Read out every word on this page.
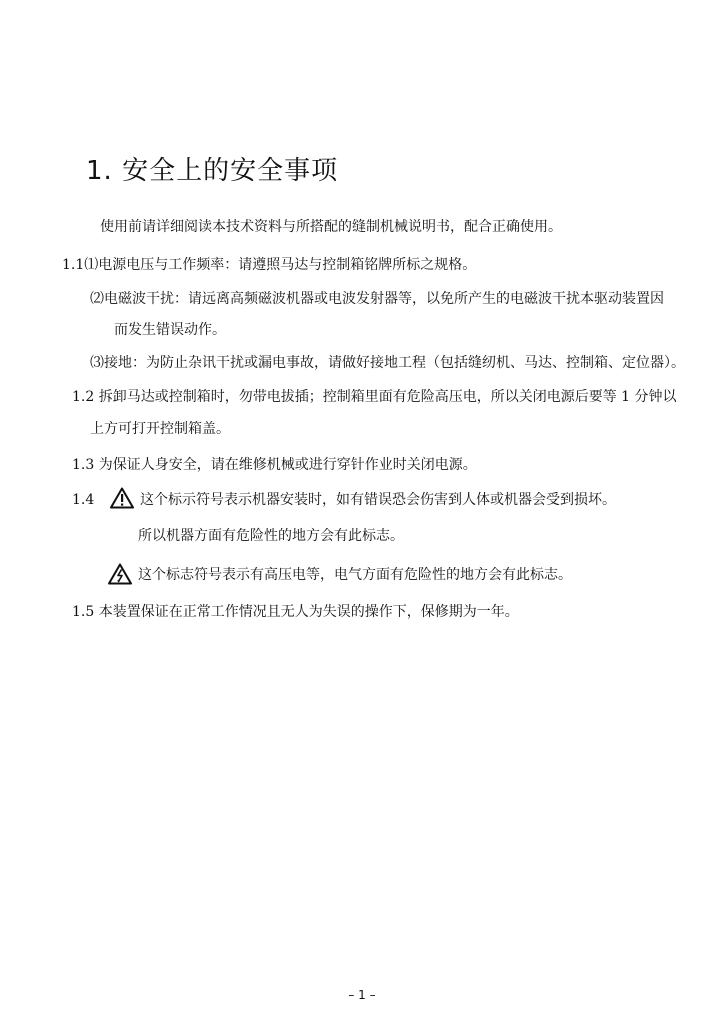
1. 安全上的安全事项
使用前请详细阅读本技术资料与所搭配的缝制机械说明书，配合正确使用。
1.1⑴电源电压与工作频率：请遵照马达与控制箱铭牌所标之规格。
⑵电磁波干扰：请远离高频磁波机器或电波发射器等，以免所产生的电磁波干扰本驱动装置因
而发生错误动作。
⑶接地：为防止杂讯干扰或漏电事故，请做好接地工程（包括缝纫机、马达、控制箱、定位器）。
1.2 拆卸马达或控制箱时，勿带电拔插；控制箱里面有危险高压电，所以关闭电源后要等 1 分钟以
上方可打开控制箱盖。
1.3 为保证人身安全，请在维修机械或进行穿针作业时关闭电源。
1.4	这个标示符号表示机器安装时，如有错误恐会伤害到人体或机器会受到损坏。
所以机器方面有危险性的地方会有此标志。
这个标志符号表示有高压电等，电气方面有危险性的地方会有此标志。
1.5 本装置保证在正常工作情况且无人为失误的操作下，保修期为一年。
– 1 –
